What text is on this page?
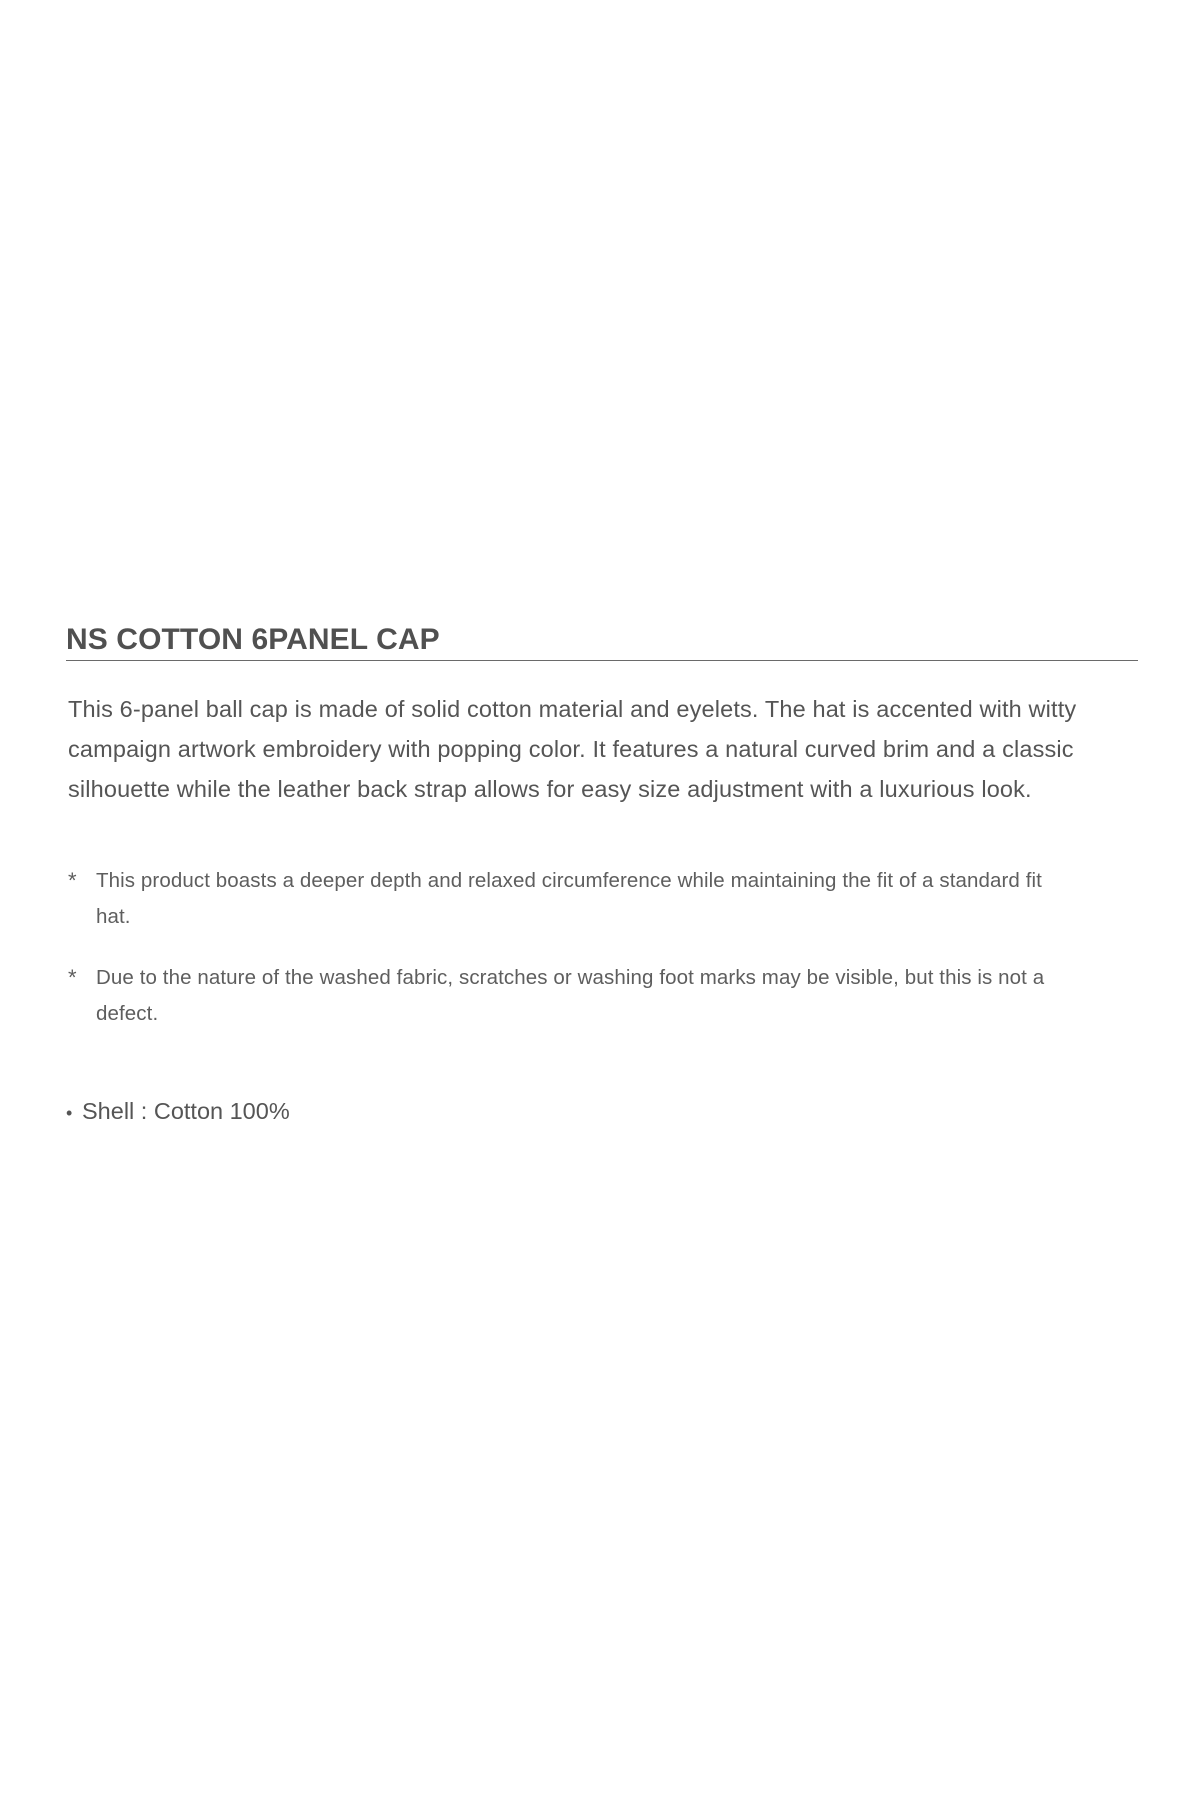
NS COTTON 6PANEL CAP

This 6-panel ball cap is made of solid cotton material and eyelets. The hat is accented with witty campaign artwork embroidery with popping color. It features a natural curved brim and a classic silhouette while the leather back strap allows for easy size adjustment with a luxurious look.

* This product boasts a deeper depth and relaxed circumference while maintaining the fit of a standard fit hat.
* Due to the nature of the washed fabric, scratches or washing foot marks may be visible, but this is not a defect.
• Shell : Cotton 100%
